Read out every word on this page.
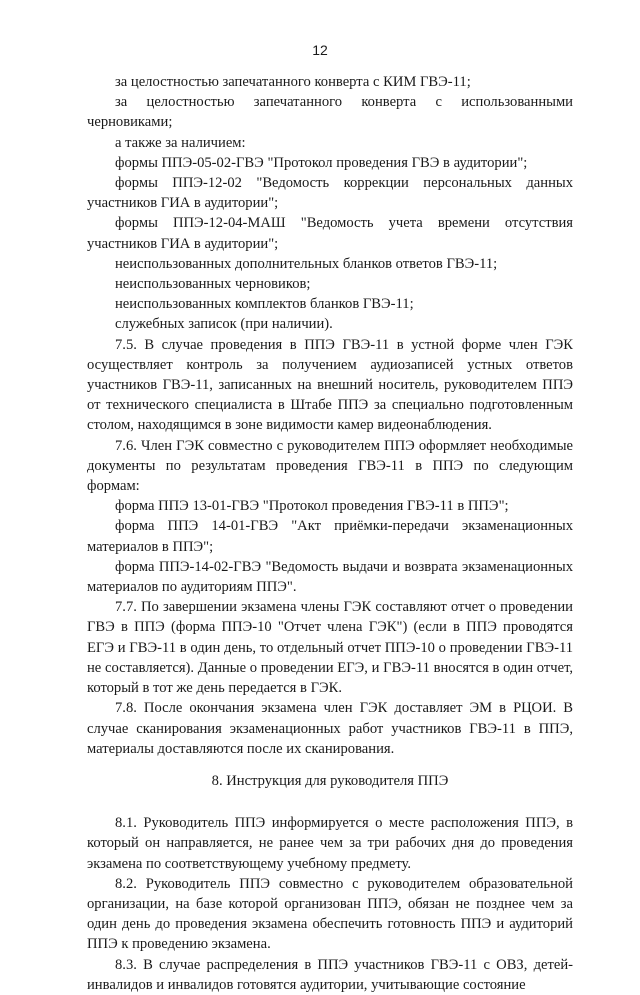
12

за целостностью запечатанного конверта с КИМ ГВЭ-11;

за целостностью запечатанного конверта с использованными черновиками;

а также за наличием:

формы ППЭ-05-02-ГВЭ "Протокол проведения ГВЭ в аудитории";

формы ППЭ-12-02 "Ведомость коррекции персональных данных участников ГИА в аудитории";

формы ППЭ-12-04-МАШ "Ведомость учета времени отсутствия участников ГИА в аудитории";

неиспользованных дополнительных бланков ответов ГВЭ-11;

неиспользованных черновиков;

неиспользованных комплектов бланков ГВЭ-11;

служебных записок (при наличии).

7.5. В случае проведения в ППЭ ГВЭ-11 в устной форме член ГЭК осуществляет контроль за получением аудиозаписей устных ответов участников ГВЭ-11, записанных на внешний носитель, руководителем ППЭ от технического специалиста в Штабе ППЭ за специально подготовленным столом, находящимся в зоне видимости камер видеонаблюдения.

7.6. Член ГЭК совместно с руководителем ППЭ оформляет необходимые документы по результатам проведения ГВЭ-11 в ППЭ по следующим формам:

форма ППЭ 13-01-ГВЭ "Протокол проведения ГВЭ-11 в ППЭ";

форма ППЭ 14-01-ГВЭ "Акт приёмки-передачи экзаменационных материалов в ППЭ";

форма ППЭ-14-02-ГВЭ "Ведомость выдачи и возврата экзаменационных материалов по аудиториям ППЭ".

7.7. По завершении экзамена члены ГЭК составляют отчет о проведении ГВЭ в ППЭ (форма ППЭ-10 "Отчет члена ГЭК") (если в ППЭ проводятся ЕГЭ и ГВЭ-11 в один день, то отдельный отчет ППЭ-10 о проведении ГВЭ-11 не составляется). Данные о проведении ЕГЭ, и ГВЭ-11 вносятся в один отчет, который в тот же день передается в ГЭК.

7.8. После окончания экзамена член ГЭК доставляет ЭМ в РЦОИ. В случае сканирования экзаменационных работ участников ГВЭ-11 в ППЭ, материалы доставляются после их сканирования.

8. Инструкция для руководителя ППЭ

8.1. Руководитель ППЭ информируется о месте расположения ППЭ, в который он направляется, не ранее чем за три рабочих дня до проведения экзамена по соответствующему учебному предмету.

8.2. Руководитель ППЭ совместно с руководителем образовательной организации, на базе которой организован ППЭ, обязан не позднее чем за один день до проведения экзамена обеспечить готовность ППЭ и аудиторий ППЭ к проведению экзамена.

8.3. В случае распределения в ППЭ участников ГВЭ-11 с ОВЗ, детей-инвалидов и инвалидов готовятся аудитории, учитывающие состояние
